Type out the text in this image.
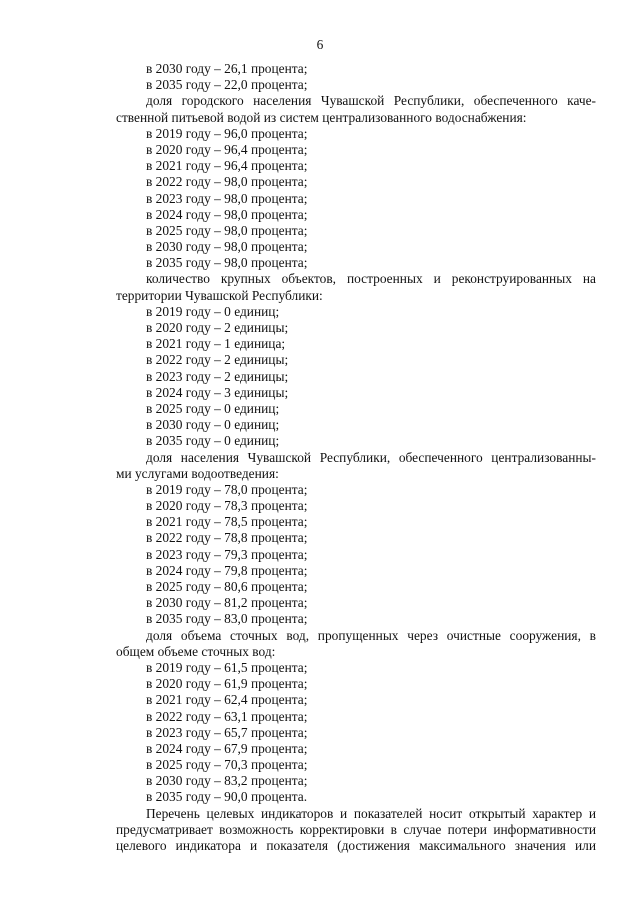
6
в 2030 году – 26,1 процента;
в 2035 году – 22,0 процента;
доля городского населения Чувашской Республики, обеспеченного каче-
ственной питьевой водой из систем централизованного водоснабжения:
в 2019 году – 96,0 процента;
в 2020 году – 96,4 процента;
в 2021 году – 96,4 процента;
в 2022 году – 98,0 процента;
в 2023 году – 98,0 процента;
в 2024 году – 98,0 процента;
в 2025 году – 98,0 процента;
в 2030 году – 98,0 процента;
в 2035 году – 98,0 процента;
количество крупных объектов, построенных и реконструированных на
территории Чувашской Республики:
в 2019 году – 0 единиц;
в 2020 году – 2 единицы;
в 2021 году – 1 единица;
в 2022 году – 2 единицы;
в 2023 году – 2 единицы;
в 2024 году – 3 единицы;
в 2025 году – 0 единиц;
в 2030 году – 0 единиц;
в 2035 году – 0 единиц;
доля населения Чувашской Республики, обеспеченного централизованны-
ми услугами водоотведения:
в 2019 году – 78,0 процента;
в 2020 году – 78,3 процента;
в 2021 году – 78,5 процента;
в 2022 году – 78,8 процента;
в 2023 году – 79,3 процента;
в 2024 году – 79,8 процента;
в 2025 году – 80,6 процента;
в 2030 году – 81,2 процента;
в 2035 году – 83,0 процента;
доля объема сточных вод, пропущенных через очистные сооружения, в
общем объеме сточных вод:
в 2019 году – 61,5 процента;
в 2020 году – 61,9 процента;
в 2021 году – 62,4 процента;
в 2022 году – 63,1 процента;
в 2023 году – 65,7 процента;
в 2024 году – 67,9 процента;
в 2025 году – 70,3 процента;
в 2030 году – 83,2 процента;
в 2035 году – 90,0 процента.
Перечень целевых индикаторов и показателей носит открытый характер и
предусматривает возможность корректировки в случае потери информативности
целевого индикатора и показателя (достижения максимального значения или
